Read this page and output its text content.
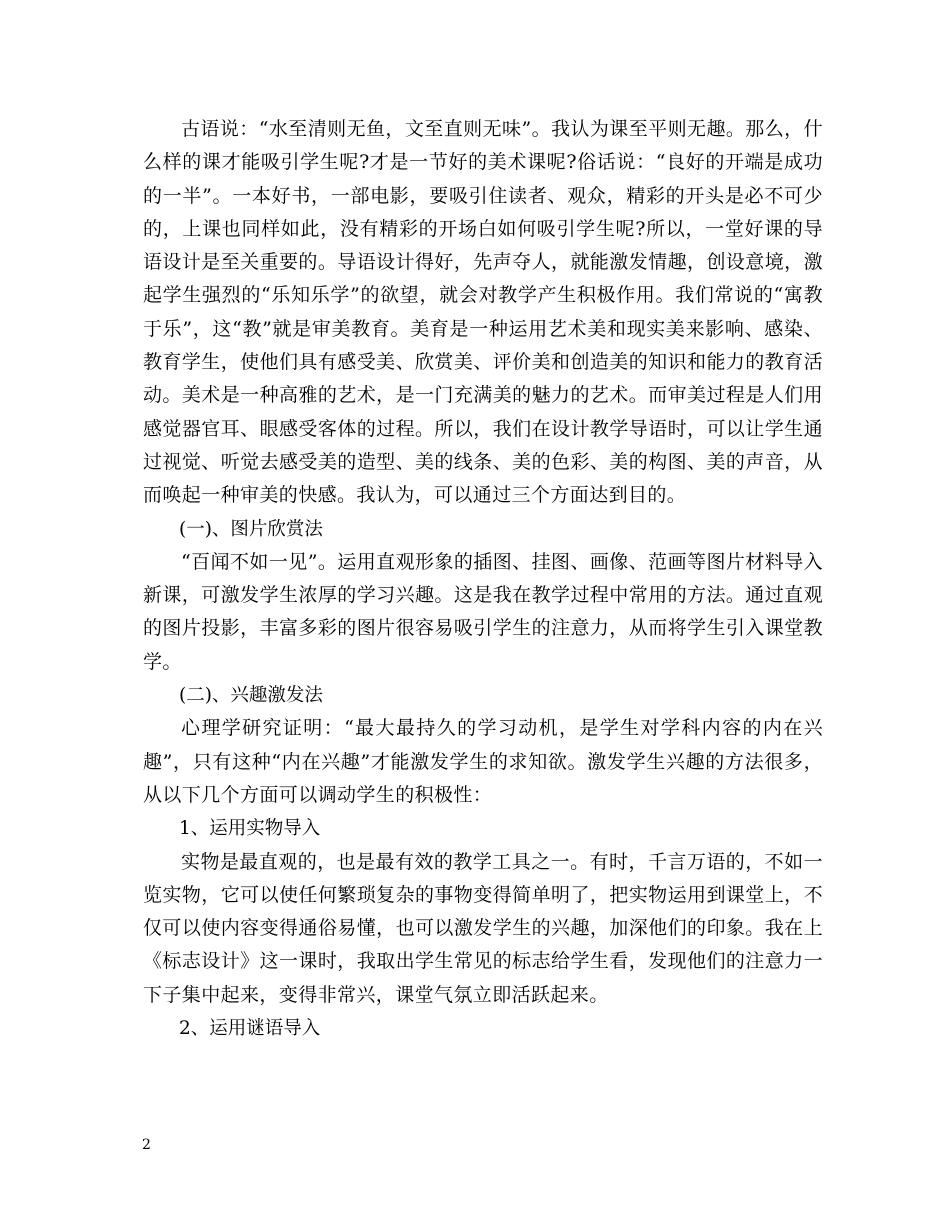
古语说：“水至清则无鱼，文至直则无味”。我认为课至平则无趣。那么，什么样的课才能吸引学生呢?才是一节好的美术课呢?俗话说：“良好的开端是成功的一半”。一本好书，一部电影，要吸引住读者、观众，精彩的开头是必不可少的，上课也同样如此，没有精彩的开场白如何吸引学生呢?所以，一堂好课的导语设计是至关重要的。导语设计得好，先声夺人，就能激发情趣，创设意境，激起学生强烈的“乐知乐学”的欲望，就会对教学产生积极作用。我们常说的“寓教于乐”，这“教”就是审美教育。美育是一种运用艺术美和现实美来影响、感染、教育学生，使他们具有感受美、欣赏美、评价美和创造美的知识和能力的教育活动。美术是一种高雅的艺术，是一门充满美的魅力的艺术。而审美过程是人们用感觉器官耳、眼感受客体的过程。所以，我们在设计教学导语时，可以让学生通过视觉、听觉去感受美的造型、美的线条、美的色彩、美的构图、美的声音，从而唤起一种审美的快感。我认为，可以通过三个方面达到目的。

(一)、图片欣赏法

“百闻不如一见”。运用直观形象的插图、挂图、画像、范画等图片材料导入新课，可激发学生浓厚的学习兴趣。这是我在教学过程中常用的方法。通过直观的图片投影，丰富多彩的图片很容易吸引学生的注意力，从而将学生引入课堂教学。

(二)、兴趣激发法

心理学研究证明：“最大最持久的学习动机，是学生对学科内容的内在兴趣”，只有这种“内在兴趣”才能激发学生的求知欲。激发学生兴趣的方法很多，从以下几个方面可以调动学生的积极性：

1、运用实物导入

实物是最直观的，也是最有效的教学工具之一。有时，千言万语的，不如一览实物，它可以使任何繁琐复杂的事物变得简单明了，把实物运用到课堂上，不仅可以使内容变得通俗易懂，也可以激发学生的兴趣，加深他们的印象。我在上《标志设计》这一课时，我取出学生常见的标志给学生看，发现他们的注意力一下子集中起来，变得非常兴，课堂气氛立即活跃起来。

2、运用谜语导入

2
